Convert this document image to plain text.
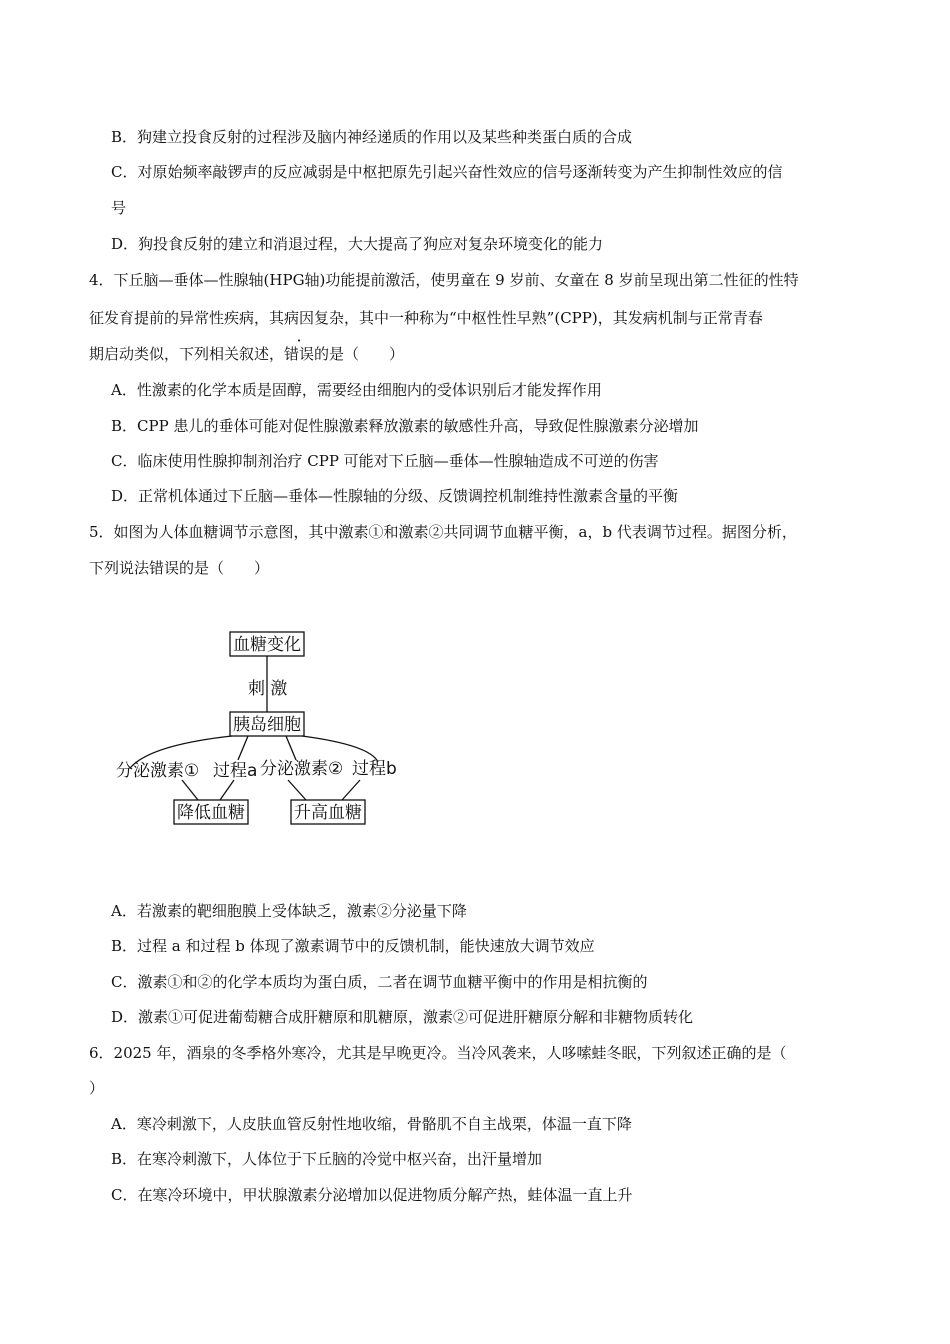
B．狗建立投食反射的过程涉及脑内神经递质的作用以及某些种类蛋白质的合成
C．对原始频率敲锣声的反应减弱是中枢把原先引起兴奋性效应的信号逐渐转变为产生抑制性效应的信
号
D．狗投食反射的建立和消退过程，大大提高了狗应对复杂环境变化的能力
4．下丘脑—垂体—性腺轴(HPG轴)功能提前激活，使男童在 9 岁前、女童在 8 岁前呈现出第二性征的性特
征发育提前的异常性疾病，其病因复杂，其中一种称为“中枢性性早熟”(CPP)，其发病机制与正常青春
期启动类似，下列相关叙述，错误的是（　　）
A．性激素的化学本质是固醇，需要经由细胞内的受体识别后才能发挥作用
B．CPP 患儿的垂体可能对促性腺激素释放激素的敏感性升高，导致促性腺激素分泌增加
C．临床使用性腺抑制剂治疗 CPP 可能对下丘脑—垂体—性腺轴造成不可逆的伤害
D．正常机体通过下丘脑—垂体—性腺轴的分级、反馈调控机制维持性激素含量的平衡
5．如图为人体血糖调节示意图，其中激素①和激素②共同调节血糖平衡，a，b 代表调节过程。据图分析，
下列说法错误的是（　　）
血糖变化
刺 激
胰岛细胞
分泌激素① 过程a 分泌激素② 过程b
降低血糖	升高血糖
A．若激素的靶细胞膜上受体缺乏，激素②分泌量下降
B．过程 a 和过程 b 体现了激素调节中的反馈机制，能快速放大调节效应
C．激素①和②的化学本质均为蛋白质，二者在调节血糖平衡中的作用是相抗衡的
D．激素①可促进葡萄糖合成肝糖原和肌糖原，激素②可促进肝糖原分解和非糖物质转化
6．2025 年，酒泉的冬季格外寒冷，尤其是早晚更冷。当冷风袭来，人哆嗦蛙冬眠，下列叙述正确的是（
）
A．寒冷刺激下，人皮肤血管反射性地收缩，骨骼肌不自主战栗，体温一直下降
B．在寒冷刺激下，人体位于下丘脑的冷觉中枢兴奋，出汗量增加
C．在寒冷环境中，甲状腺激素分泌增加以促进物质分解产热，蛙体温一直上升
